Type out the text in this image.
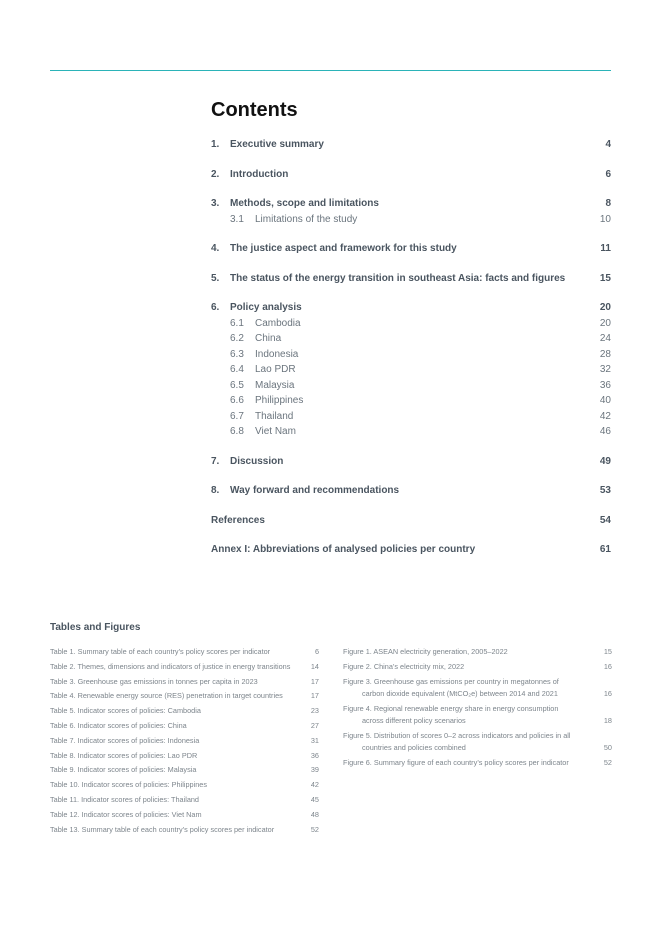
Contents
1. Executive summary	4
2. Introduction	6
3. Methods, scope and limitations	8
3.1 Limitations of the study	10
4. The justice aspect and framework for this study	11
5. The status of the energy transition in southeast Asia: facts and figures	15
6. Policy analysis	20
6.1 Cambodia	20
6.2 China	24
6.3 Indonesia	28
6.4 Lao PDR	32
6.5 Malaysia	36
6.6 Philippines	40
6.7 Thailand	42
6.8 Viet Nam	46
7. Discussion	49
8. Way forward and recommendations	53
References	54
Annex I: Abbreviations of analysed policies per country	61
Tables and Figures
Table 1. Summary table of each country’s policy scores per indicator	6
Table 2. Themes, dimensions and indicators of justice in energy transitions	14
Table 3. Greenhouse gas emissions in tonnes per capita in 2023	17
Table 4. Renewable energy source (RES) penetration in target countries	17
Table 5. Indicator scores of policies: Cambodia	23
Table 6. Indicator scores of policies: China	27
Table 7. Indicator scores of policies: Indonesia	31
Table 8. Indicator scores of policies: Lao PDR	36
Table 9. Indicator scores of policies: Malaysia	39
Table 10. Indicator scores of policies: Philippines	42
Table 11. Indicator scores of policies: Thailand	45
Table 12. Indicator scores of policies: Viet Nam	48
Table 13. Summary table of each country’s policy scores per indicator	52
Figure 1. ASEAN electricity generation, 2005–2022	15
Figure 2. China’s electricity mix, 2022	16
Figure 3. Greenhouse gas emissions per country in megatonnes of
carbon dioxide equivalent (MtCO₂e) between 2014 and 2021	16
Figure 4. Regional renewable energy share in energy consumption
across different policy scenarios	18
Figure 5. Distribution of scores 0–2 across indicators and policies in all
countries and policies combined	50
Figure 6. Summary figure of each country’s policy scores per indicator	52
